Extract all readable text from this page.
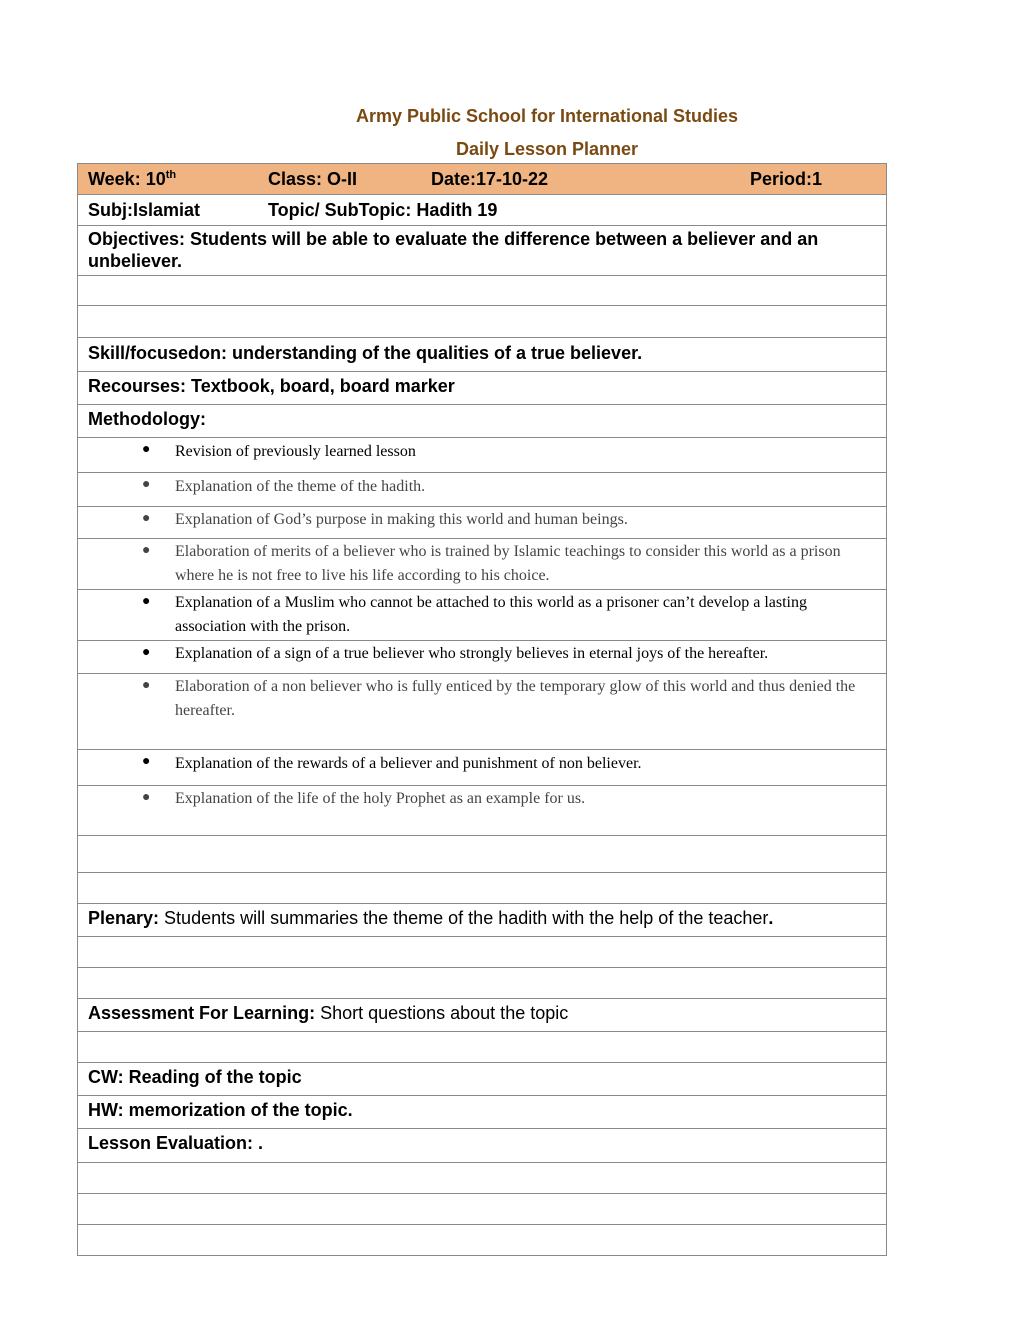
Army Public School for International Studies
Daily Lesson Planner
Week: 10th	Class: O-II	Date:17-10-22	Period:1

Subj:Islamiat	Topic/ SubTopic: Hadith 19

Objectives: Students will be able to evaluate the difference between a believer and an unbeliever.

Skill/focusedon: understanding of the qualities of a true believer.
Recourses: Textbook, board, board marker
Methodology:

● Revision of previously learned lesson

● Explanation of the theme of the hadith.

● Explanation of God’s purpose in making this world and human beings.

● Elaboration of merits of a believer who is trained by Islamic teachings to consider this world as a prison where he is not free to live his life according to his choice.

● Explanation of a Muslim who cannot be attached to this world as a prisoner can’t develop a lasting association with the prison.

● Explanation of a sign of a true believer who strongly believes in eternal joys of the hereafter.

● Elaboration of a non believer who is fully enticed by the temporary glow of this world and thus denied the hereafter.

● Explanation of the rewards of a believer and punishment of non believer.

● Explanation of the life of the holy Prophet as an example for us.

Plenary: Students will summaries the theme of the hadith with the help of the teacher.

Assessment For Learning: Short questions about the topic

CW: Reading of the topic
HW: memorization of the topic.
Lesson Evaluation: .
